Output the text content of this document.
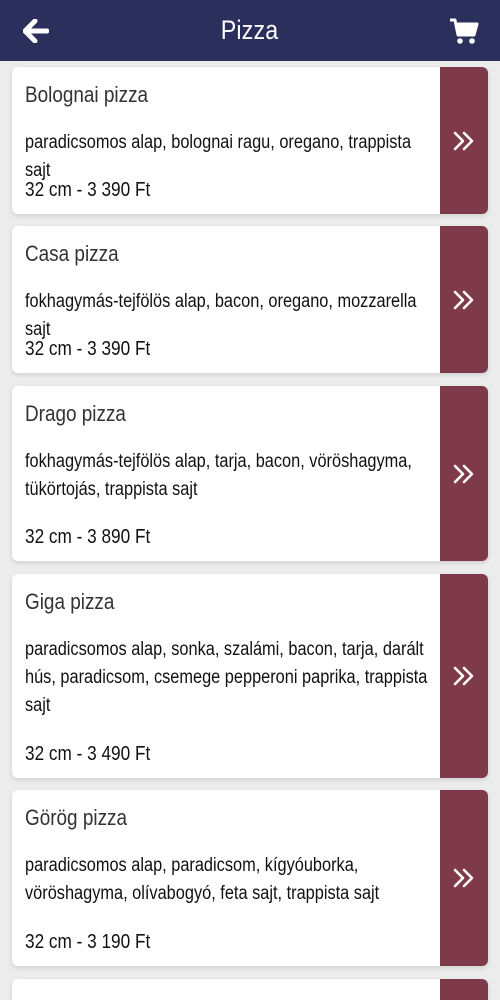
Pizza
Bolognai pizza
paradicsomos alap, bolognai ragu, oregano, trappista sajt
32 cm - 3 390 Ft
Casa pizza
fokhagymás-tejfölös alap, bacon, oregano, mozzarella sajt
32 cm - 3 390 Ft
Drago pizza
fokhagymás-tejfölös alap, tarja, bacon, vöröshagyma, tükörtojás, trappista sajt
32 cm - 3 890 Ft
Giga pizza
paradicsomos alap, sonka, szalámi, bacon, tarja, darált hús, paradicsom, csemege pepperoni paprika, trappista sajt
32 cm - 3 490 Ft
Görög pizza
paradicsomos alap, paradicsom, kígyóuborka, vöröshagyma, olívabogyó, feta sajt, trappista sajt
32 cm - 3 190 Ft
